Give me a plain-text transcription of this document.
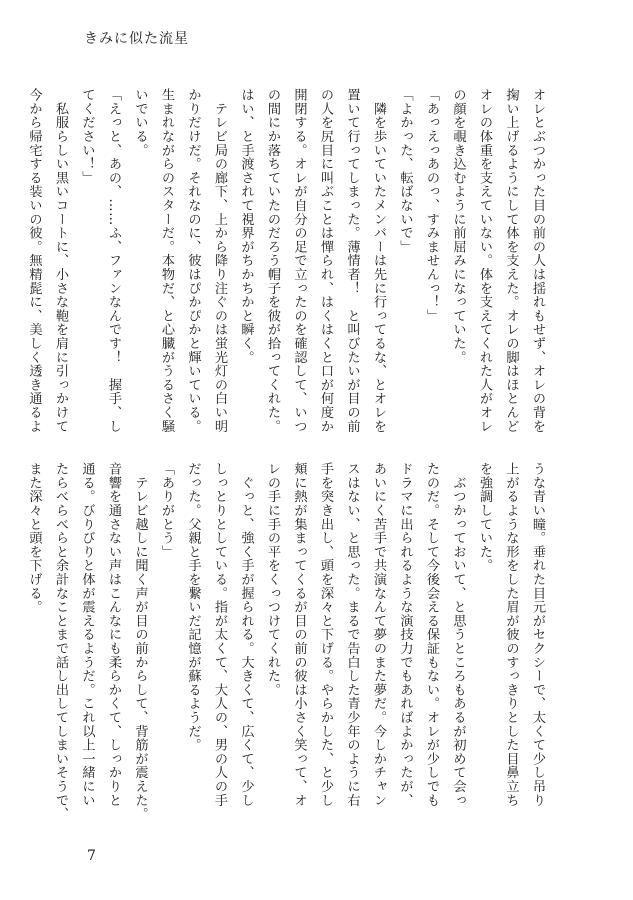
きみに似た流星
オレとぶつかった目の前の人は揺れもせず、オレの背を
掬い上げるようにして体を支えた。オレの脚はほとんど
オレの体重を支えていない。体を支えてくれた人がオレ
の顔を覗き込むように前屈みになっていた。
「あっえっあのっ、すみませんっ！」
「よかった、転ばないで」
　隣を歩いていたメンバーは先に行ってるな、とオレを
置いて行ってしまった。薄情者！　と叫びたいが目の前
の人を尻目に叫ぶことは憚られ、はくはくと口が何度か
開閉する。オレが自分の足で立ったのを確認して、いつ
の間にか落ちていたのだろう帽子を彼が拾ってくれた。
はい、と手渡されて視界がちかちかと瞬く。
　テレビ局の廊下、上から降り注ぐのは蛍光灯の白い明
かりだけだ。それなのに、彼はぴかぴかと輝いている。
生まれながらのスターだ。本物だ、と心臓がうるさく騒
いでいる。
「えっと、あの、……ふ、ファンなんです！　握手、し
てください！」
　私服らしい黒いコートに、小さな鞄を肩に引っかけて
今から帰宅する装いの彼。無精髭に、美しく透き通るよ
うな青い瞳。垂れた目元がセクシーで、太くて少し吊り
上がるような形をした眉が彼のすっきりとした目鼻立ち
を強調していた。
　ぶつかっておいて、と思うところもあるが初めて会っ
たのだ。そして今後会える保証もない。オレが少しでも
ドラマに出られるような演技力でもあればよかったが、
あいにく苦手で共演なんて夢のまた夢だ。今しかチャン
スはない、と思った。まるで告白した青少年のように右
手を突き出し、頭を深々と下げる。やらかした、と少し
頬に熱が集まってくるが目の前の彼は小さく笑って、オ
レの手に手の平をくっつけてくれた。
　ぐっと、強く手が握られる。大きくて、広くて、少し
しっとりとしている。指が太くて、大人の、男の人の手
だった。父親と手を繋いだ記憶が蘇るようだ。
「ありがとう」
　テレビ越しに聞く声が目の前からして、背筋が震えた。
音響を通さない声はこんなにも柔らかくて、しっかりと
通る。びりびりと体が震えるようだ。これ以上一緒にい
たらべらべらと余計なことまで話し出してしまいそうで、
また深々と頭を下げる。
7
